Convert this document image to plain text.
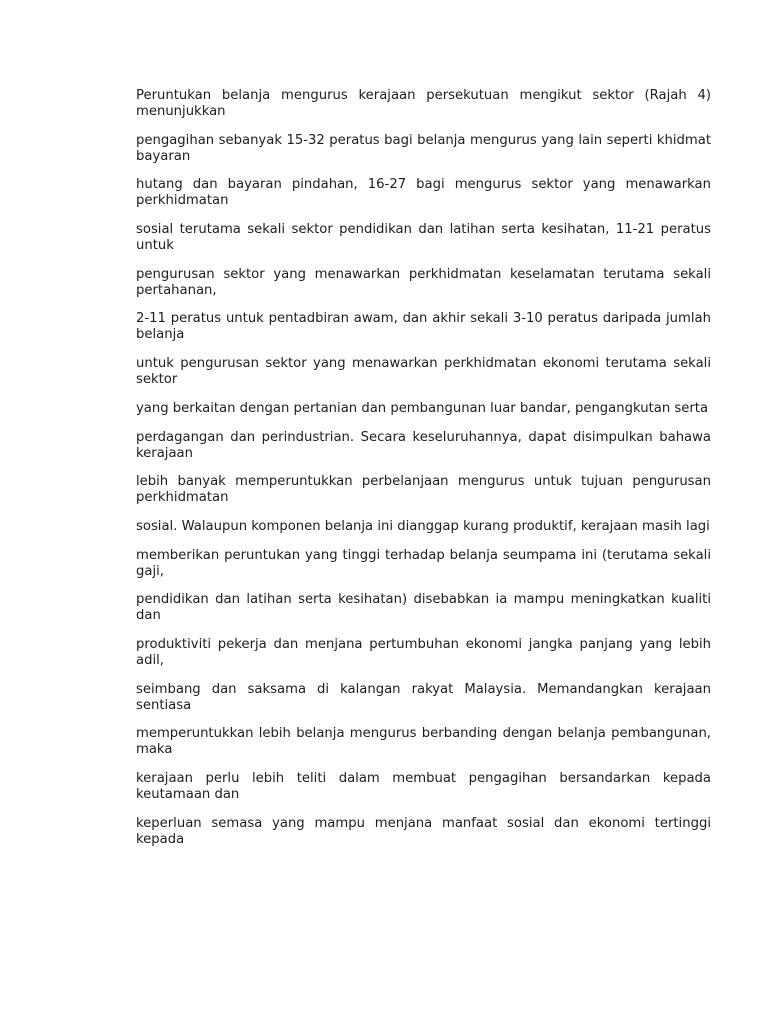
Peruntukan belanja mengurus kerajaan persekutuan mengikut sektor (Rajah 4) menunjukkan

pengagihan sebanyak 15-32 peratus bagi belanja mengurus yang lain seperti khidmat bayaran

hutang dan bayaran pindahan, 16-27 bagi mengurus sektor yang menawarkan perkhidmatan

sosial terutama sekali sektor pendidikan dan latihan serta kesihatan, 11-21 peratus untuk

pengurusan sektor yang menawarkan perkhidmatan keselamatan terutama sekali pertahanan,

2-11 peratus untuk pentadbiran awam, dan akhir sekali 3-10 peratus daripada jumlah belanja

untuk pengurusan sektor yang menawarkan perkhidmatan ekonomi terutama sekali sektor

yang berkaitan dengan pertanian dan pembangunan luar bandar, pengangkutan serta

perdagangan dan perindustrian. Secara keseluruhannya, dapat disimpulkan bahawa kerajaan

lebih banyak memperuntukkan perbelanjaan mengurus untuk tujuan pengurusan perkhidmatan

sosial. Walaupun komponen belanja ini dianggap kurang produktif, kerajaan masih lagi

memberikan peruntukan yang tinggi terhadap belanja seumpama ini (terutama sekali gaji,

pendidikan dan latihan serta kesihatan) disebabkan ia mampu meningkatkan kualiti dan

produktiviti pekerja dan menjana pertumbuhan ekonomi jangka panjang yang lebih adil,

seimbang dan saksama di kalangan rakyat Malaysia. Memandangkan kerajaan sentiasa

memperuntukkan lebih belanja mengurus berbanding dengan belanja pembangunan, maka

kerajaan perlu lebih teliti dalam membuat pengagihan bersandarkan kepada keutamaan dan

keperluan semasa yang mampu menjana manfaat sosial dan ekonomi tertinggi kepada
